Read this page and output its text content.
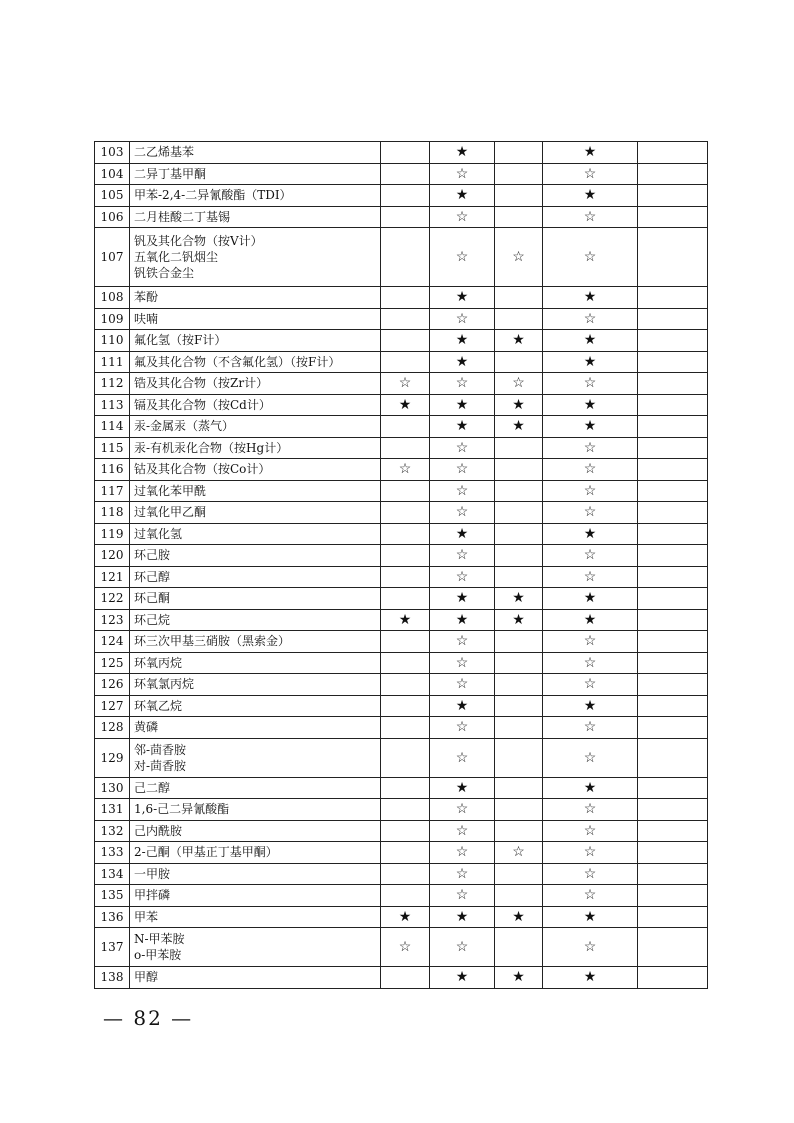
103	二乙烯基苯		★		★	
104	二异丁基甲酮		☆		☆	
105	甲苯-2,4-二异氰酸酯（TDI）		★		★	
106	二月桂酸二丁基锡		☆		☆	
107	钒及其化合物（按V计）
五氧化二钒烟尘
钒铁合金尘		☆	☆	☆	
108	苯酚		★		★	
109	呋喃		☆		☆	
110	氟化氢（按F计）		★	★	★	
111	氟及其化合物（不含氟化氢）（按F计）		★		★	
112	锆及其化合物（按Zr计）	☆	☆	☆	☆	
113	镉及其化合物（按Cd计）	★	★	★	★	
114	汞-金属汞（蒸气）		★	★	★	
115	汞-有机汞化合物（按Hg计）		☆		☆	
116	钴及其化合物（按Co计）	☆	☆		☆	
117	过氧化苯甲酰		☆		☆	
118	过氧化甲乙酮		☆		☆	
119	过氧化氢		★		★	
120	环己胺		☆		☆	
121	环己醇		☆		☆	
122	环己酮		★	★	★	
123	环己烷	★	★	★	★	
124	环三次甲基三硝胺（黑索金）		☆		☆	
125	环氧丙烷		☆		☆	
126	环氧氯丙烷		☆		☆	
127	环氧乙烷		★		★	
128	黄磷		☆		☆	
129	邻-茴香胺
对-茴香胺		☆		☆	
130	己二醇		★		★	
131	1,6-己二异氰酸酯		☆		☆	
132	己内酰胺		☆		☆	
133	2-己酮（甲基正丁基甲酮）		☆	☆	☆	
134	一甲胺		☆		☆	
135	甲拌磷		☆		☆	
136	甲苯	★	★	★	★	
137	N-甲苯胺
o-甲苯胺	☆	☆		☆	
138	甲醇		★	★	★	
— 82 —
